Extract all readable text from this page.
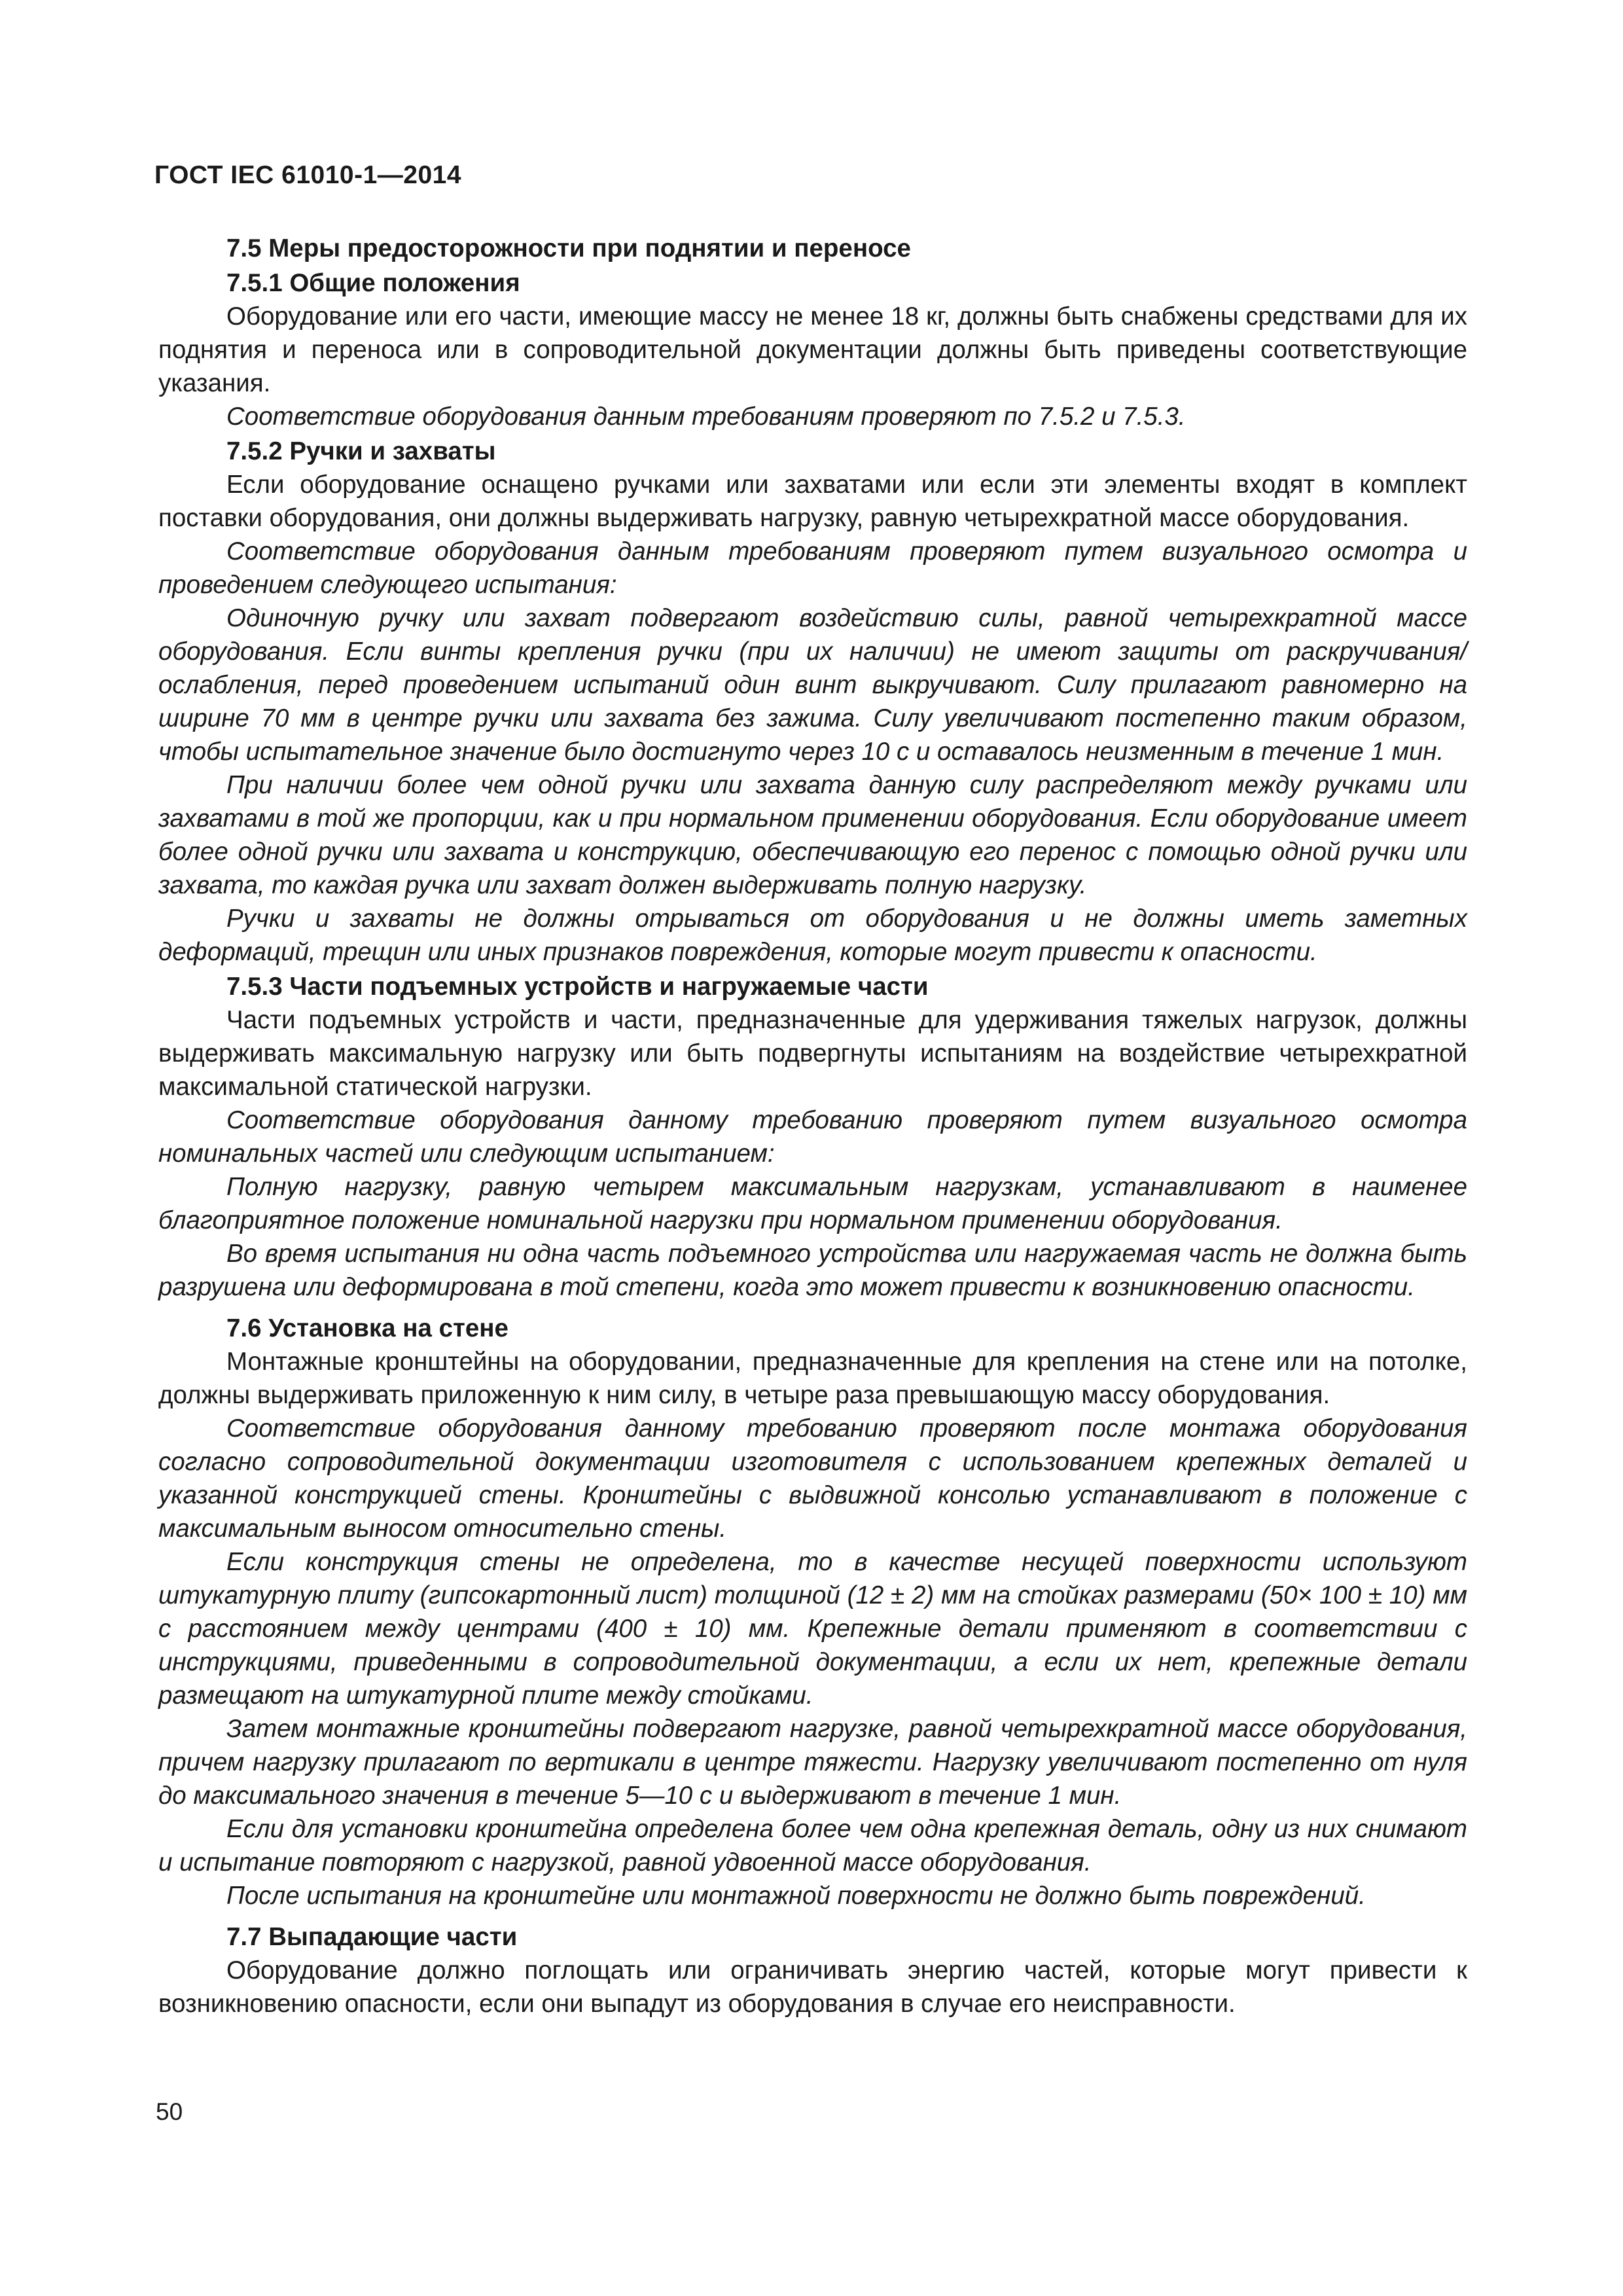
ГОСТ IEC 61010-1—2014

7.5 Меры предосторожности при поднятии и переносе

7.5.1 Общие положения

Оборудование или его части, имеющие массу не менее 18 кг, должны быть снабжены средствами для их поднятия и переноса или в сопроводительной документации должны быть приведены соответствующие указания.

Соответствие оборудования данным требованиям проверяют по 7.5.2 и 7.5.3.

7.5.2 Ручки и захваты

Если оборудование оснащено ручками или захватами или если эти элементы входят в комплект поставки оборудования, они должны выдерживать нагрузку, равную четырехкратной массе оборудования.

Соответствие оборудования данным требованиям проверяют путем визуального осмотра и проведением следующего испытания:

Одиночную ручку или захват подвергают воздействию силы, равной четырехкратной массе оборудования. Если винты крепления ручки (при их наличии) не имеют защиты от раскручивания/ослабления, перед проведением испытаний один винт выкручивают. Силу прилагают равномерно на ширине 70 мм в центре ручки или захвата без зажима. Силу увеличивают постепенно таким образом, чтобы испытательное значение было достигнуто через 10 с и оставалось неизменным в течение 1 мин.

При наличии более чем одной ручки или захвата данную силу распределяют между ручками или захватами в той же пропорции, как и при нормальном применении оборудования. Если оборудование имеет более одной ручки или захвата и конструкцию, обеспечивающую его перенос с помощью одной ручки или захвата, то каждая ручка или захват должен выдерживать полную нагрузку.

Ручки и захваты не должны отрываться от оборудования и не должны иметь заметных деформаций, трещин или иных признаков повреждения, которые могут привести к опасности.

7.5.3 Части подъемных устройств и нагружаемые части

Части подъемных устройств и части, предназначенные для удерживания тяжелых нагрузок, должны выдерживать максимальную нагрузку или быть подвергнуты испытаниям на воздействие четырехкратной максимальной статической нагрузки.

Соответствие оборудования данному требованию проверяют путем визуального осмотра номинальных частей или следующим испытанием:

Полную нагрузку, равную четырем максимальным нагрузкам, устанавливают в наименее благоприятное положение номинальной нагрузки при нормальном применении оборудования.

Во время испытания ни одна часть подъемного устройства или нагружаемая часть не должна быть разрушена или деформирована в той степени, когда это может привести к возникновению опасности.

7.6 Установка на стене

Монтажные кронштейны на оборудовании, предназначенные для крепления на стене или на потолке, должны выдерживать приложенную к ним силу, в четыре раза превышающую массу оборудования.

Соответствие оборудования данному требованию проверяют после монтажа оборудования согласно сопроводительной документации изготовителя с использованием крепежных деталей и указанной конструкцией стены. Кронштейны с выдвижной консолью устанавливают в положение с максимальным выносом относительно стены.

Если конструкция стены не определена, то в качестве несущей поверхности используют штукатурную плиту (гипсокартонный лист) толщиной (12 ± 2) мм на стойках размерами (50× 100 ± 10) мм с расстоянием между центрами (400 ± 10) мм. Крепежные детали применяют в соответствии с инструкциями, приведенными в сопроводительной документации, а если их нет, крепежные детали размещают на штукатурной плите между стойками.

Затем монтажные кронштейны подвергают нагрузке, равной четырехкратной массе оборудования, причем нагрузку прилагают по вертикали в центре тяжести. Нагрузку увеличивают постепенно от нуля до максимального значения в течение 5—10 с и выдерживают в течение 1 мин.

Если для установки кронштейна определена более чем одна крепежная деталь, одну из них снимают и испытание повторяют с нагрузкой, равной удвоенной массе оборудования.

После испытания на кронштейне или монтажной поверхности не должно быть повреждений.

7.7 Выпадающие части

Оборудование должно поглощать или ограничивать энергию частей, которые могут привести к возникновению опасности, если они выпадут из оборудования в случае его неисправности.

50
